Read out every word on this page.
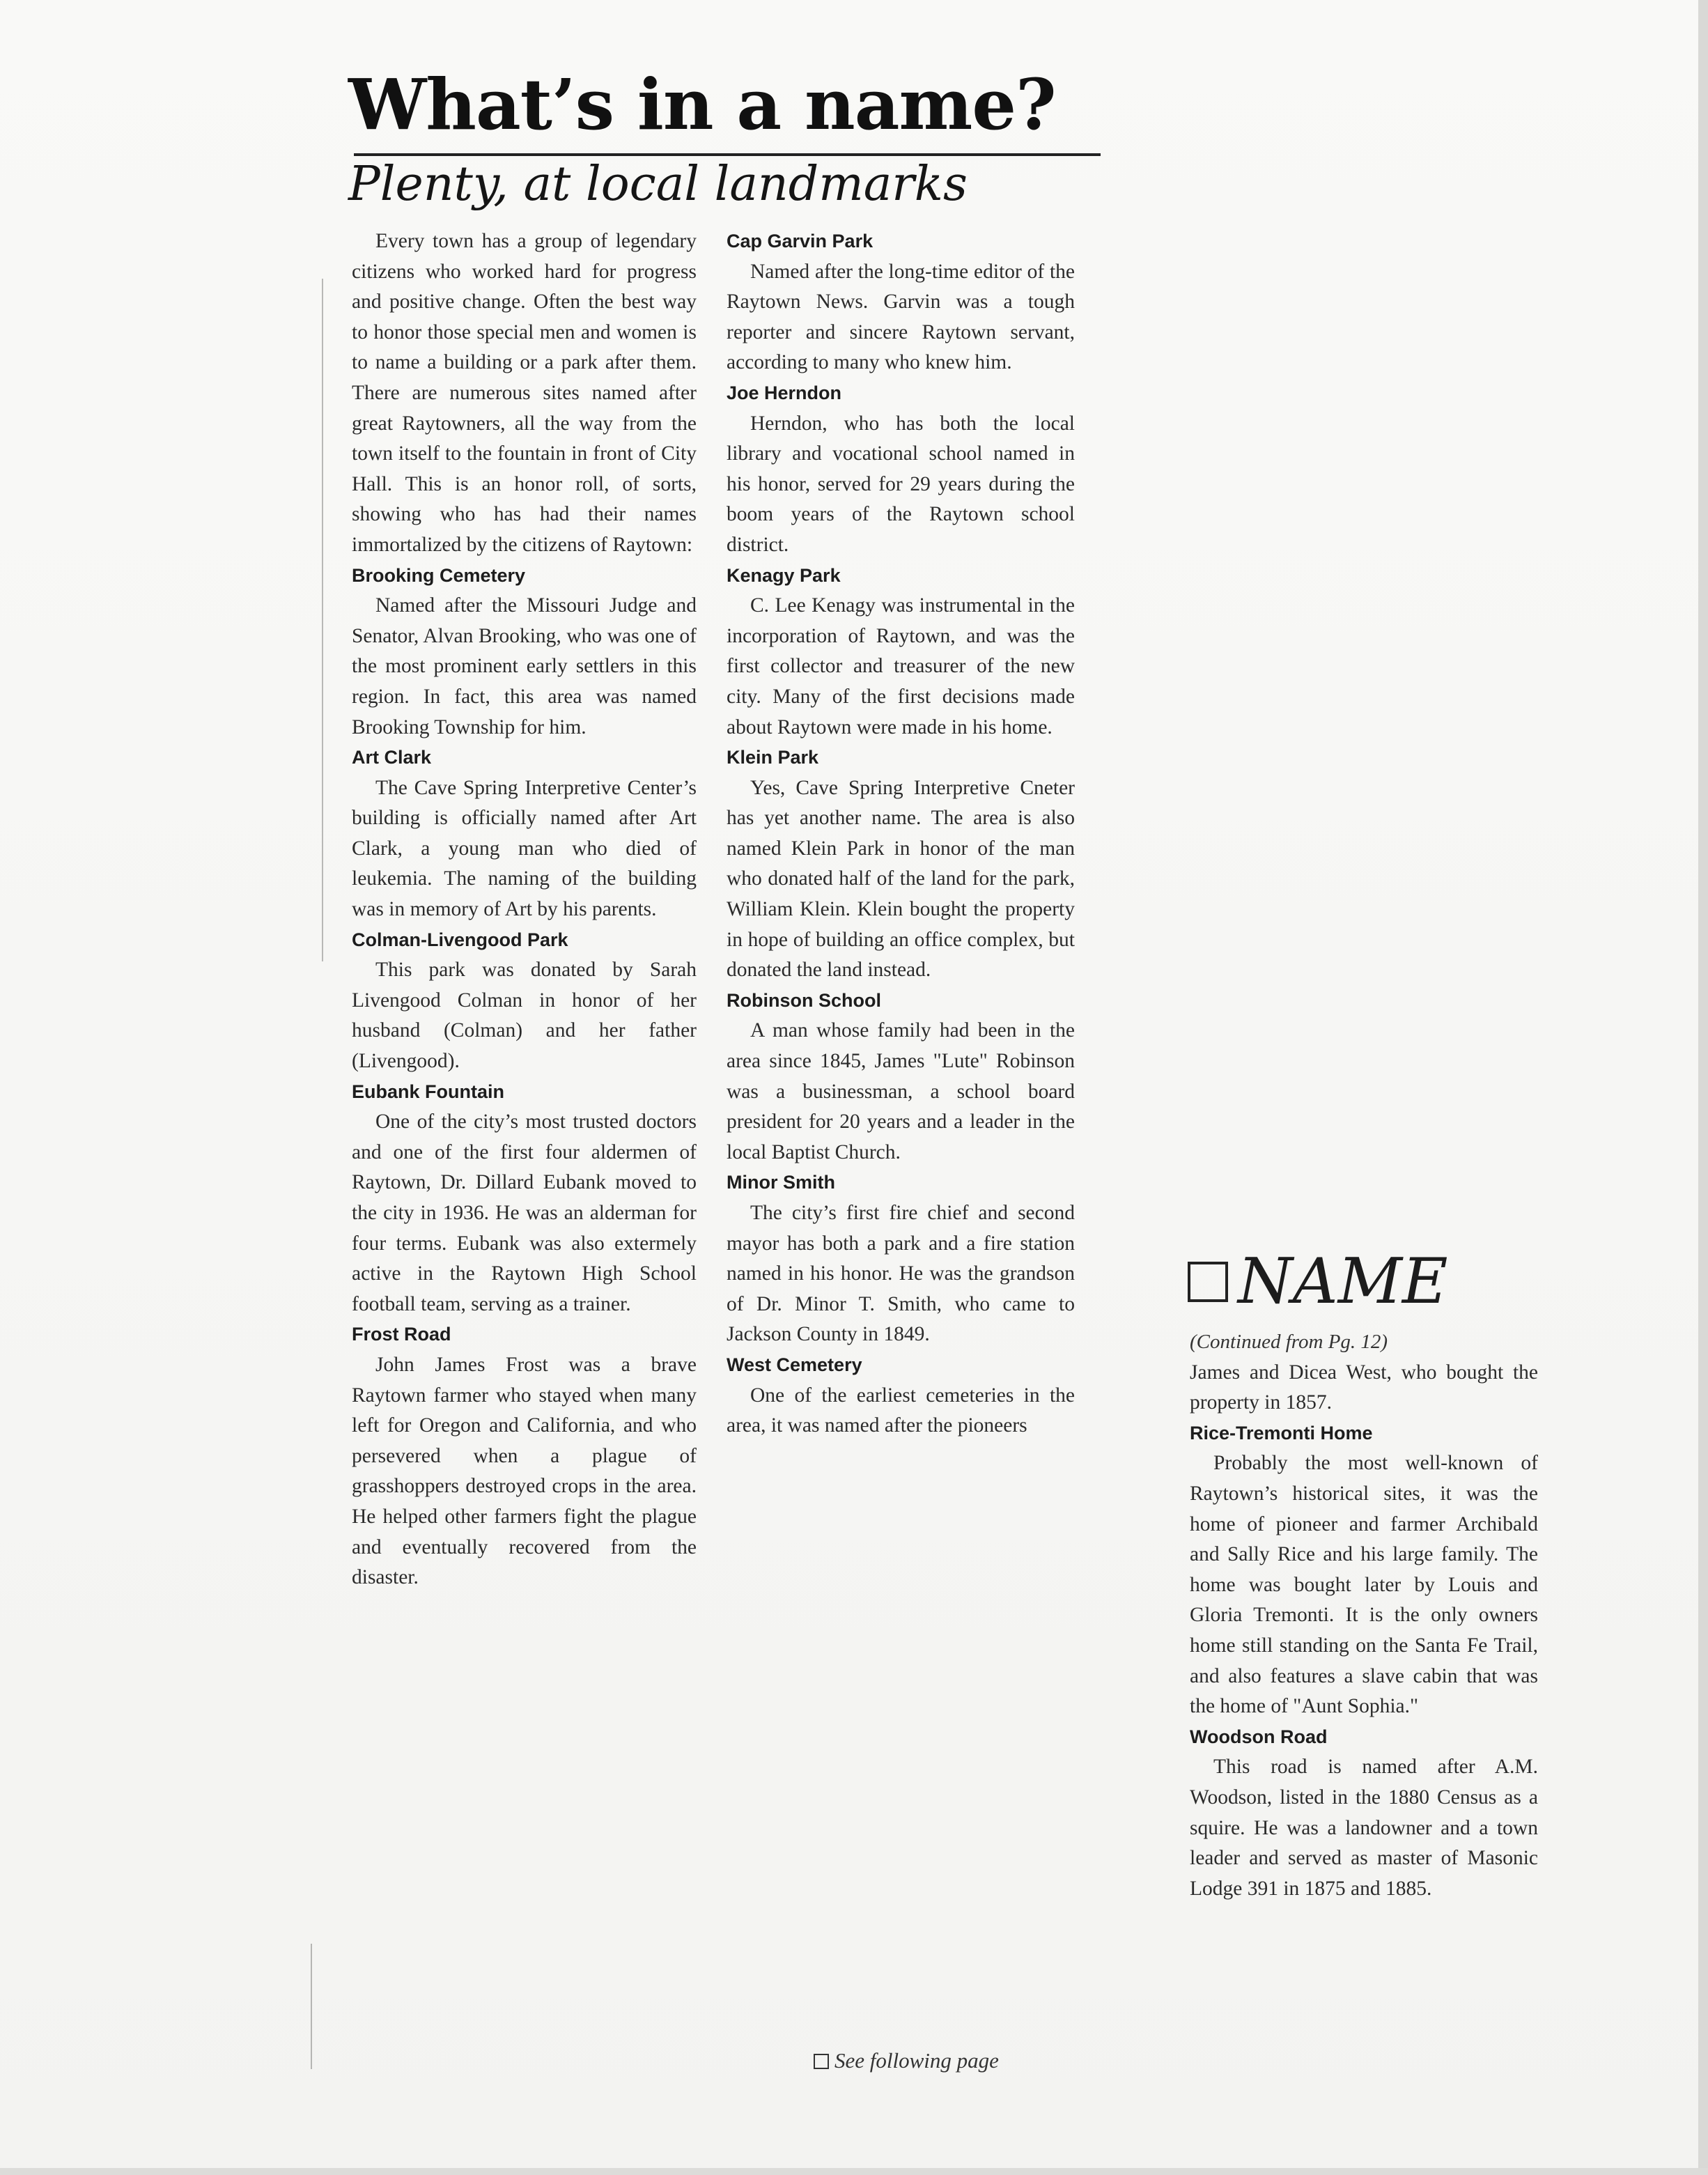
What’s in a name?
Plenty, at local landmarks

Every town has a group of legendary citizens who worked hard for progress and positive change. Often the best way to honor those special men and women is to name a building or a park after them. There are numerous sites named after great Raytowners, all the way from the town itself to the fountain in front of City Hall. This is an honor roll, of sorts, showing who has had their names immortalized by the citizens of Raytown:

Brooking Cemetery

Named after the Missouri Judge and Senator, Alvan Brooking, who was one of the most prominent early settlers in this region. In fact, this area was named Brooking Township for him.

Art Clark

The Cave Spring Interpretive Center’s building is officially named after Art Clark, a young man who died of leukemia. The naming of the building was in memory of Art by his parents.

Colman-Livengood Park

This park was donated by Sarah Livengood Colman in honor of her husband (Colman) and her father (Livengood).

Eubank Fountain

One of the city’s most trusted doctors and one of the first four aldermen of Raytown, Dr. Dillard Eubank moved to the city in 1936. He was an alderman for four terms. Eubank was also extermely active in the Raytown High School football team, serving as a trainer.

Frost Road

John James Frost was a brave Raytown farmer who stayed when many left for Oregon and California, and who persevered when a plague of grasshoppers destroyed crops in the area. He helped other farmers fight the plague and eventually recovered from the disaster.

Cap Garvin Park

Named after the long-time editor of the Raytown News. Garvin was a tough reporter and sincere Raytown servant, according to many who knew him.

Joe Herndon

Herndon, who has both the local library and vocational school named in his honor, served for 29 years during the boom years of the Raytown school district.

Kenagy Park

C. Lee Kenagy was instrumental in the incorporation of Raytown, and was the first collector and treasurer of the new city. Many of the first decisions made about Raytown were made in his home.

Klein Park

Yes, Cave Spring Interpretive Cneter has yet another name. The area is also named Klein Park in honor of the man who donated half of the land for the park, William Klein. Klein bought the property in hope of building an office complex, but donated the land instead.

Robinson School

A man whose family had been in the area since 1845, James "Lute" Robinson was a businessman, a school board president for 20 years and a leader in the local Baptist Church.

Minor Smith

The city’s first fire chief and second mayor has both a park and a fire station named in his honor. He was the grandson of Dr. Minor T. Smith, who came to Jackson County in 1849.

West Cemetery

One of the earliest cemeteries in the area, it was named after the pioneers

See following page
NAME

(Continued from Pg. 12)

James and Dicea West, who bought the property in 1857.

Rice-Tremonti Home

Probably the most well-known of Raytown’s historical sites, it was the home of pioneer and farmer Archibald and Sally Rice and his large family. The home was bought later by Louis and Gloria Tremonti. It is the only owners home still standing on the Santa Fe Trail, and also features a slave cabin that was the home of "Aunt Sophia."

Woodson Road

This road is named after A.M. Woodson, listed in the 1880 Census as a squire. He was a landowner and a town leader and served as master of Masonic Lodge 391 in 1875 and 1885.
